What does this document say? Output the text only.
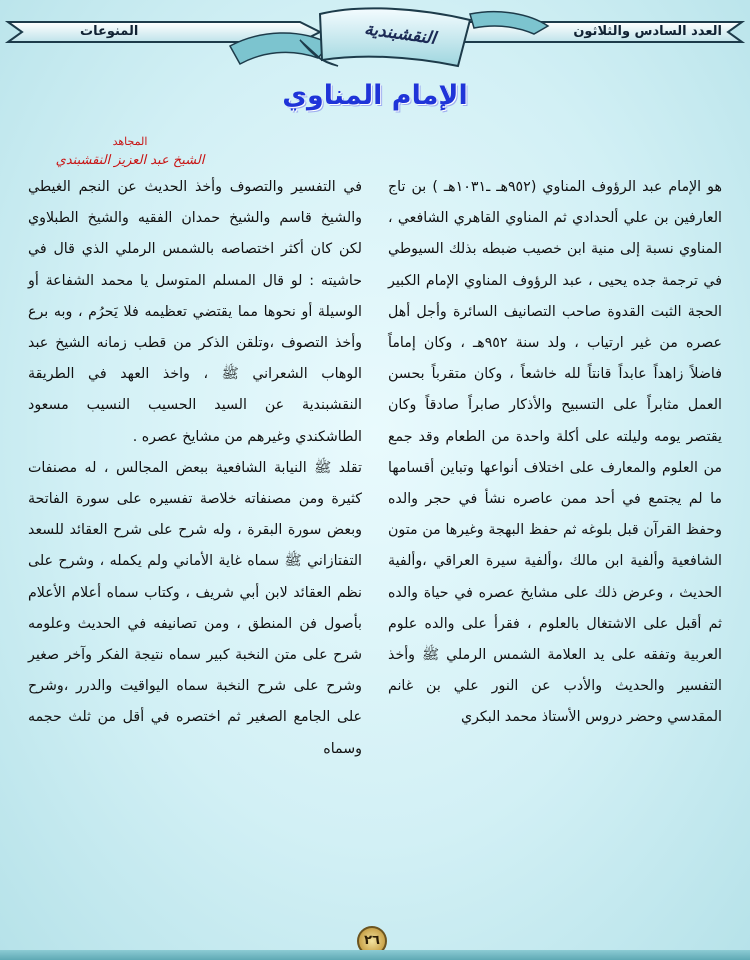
العدد السادس والثلاثون
المنوعات	النقشبندية
الإمام المناوي
المجاهد
الشيخ عبد العزيز النقشبندي

هو الإمام عبد الرؤوف المناوي (٩٥٢هـ ـ١٠٣١هـ ) بن تاج العارفين بن علي ألحدادي ثم المناوي القاهري الشافعي ، المناوي نسبة إلى منية ابن خصيب ضبطه بذلك السيوطي في ترجمة جده يحيى ، عبد الرؤوف المناوي الإمام الكبير الحجة الثبت القدوة صاحب التصانيف السائرة وأجل أهل عصره من غير ارتياب ، ولد سنة ٩٥٢هـ ، وكان إماماً فاضلاً زاهداً عابداً قانتاً لله خاشعاً ، وكان متقرباً بحسن العمل مثابراً على التسبيح والأذكار صابراً صادقاً وكان يقتصر يومه وليلته على أكلة واحدة من الطعام وقد جمع من العلوم والمعارف على اختلاف أنواعها وتباين أقسامها ما لم يجتمع في أحد ممن عاصره نشأ في حجر والده وحفظ القرآن قبل بلوغه ثم حفظ البهجة وغيرها من متون الشافعية وألفية ابن مالك ،وألفية سيرة العراقي ،وألفية الحديث ، وعرض ذلك على مشايخ عصره في حياة والده ثم أقبل على الاشتغال بالعلوم ، فقرأ على والده علوم العربية وتفقه على يد العلامة الشمس الرملي ﷺ وأخذ التفسير والحديث والأدب عن النور علي بن غانم المقدسي وحضر دروس الأستاذ محمد البكري

في التفسير والتصوف وأخذ الحديث عن النجم الغيطي والشيخ قاسم والشيخ حمدان الفقيه والشيخ الطبلاوي لكن كان أكثر اختصاصه بالشمس الرملي الذي قال في حاشيته : لو قال المسلم المتوسل يا محمد الشفاعة أو الوسيلة أو نحوها مما يقتضي تعظيمه فلا يَحرُم ، وبه برع وأخذ التصوف ،وتلقن الذكر من قطب زمانه الشيخ عبد الوهاب الشعراني ﷺ ، واخذ العهد في الطريقة النقشبندية عن السيد الحسيب النسيب مسعود الطاشكندي وغيرهم من مشايخ عصره .

تقلد ﷺ النيابة الشافعية ببعض المجالس ، له مصنفات كثيرة ومن مصنفاته خلاصة تفسيره على سورة الفاتحة وبعض سورة البقرة ، وله شرح على شرح العقائد للسعد التفتازاني ﷺ سماه غاية الأماني ولم يكمله ، وشرح على نظم العقائد لابن أبي شريف ، وكتاب سماه أعلام الأعلام بأصول فن المنطق ، ومن تصانيفه في الحديث وعلومه شرح على متن النخبة كبير سماه نتيجة الفكر وآخر صغير وشرح على شرح النخبة سماه اليواقيت والدرر ،وشرح على الجامع الصغير ثم اختصره في أقل من ثلث حجمه وسماه

٢٦
